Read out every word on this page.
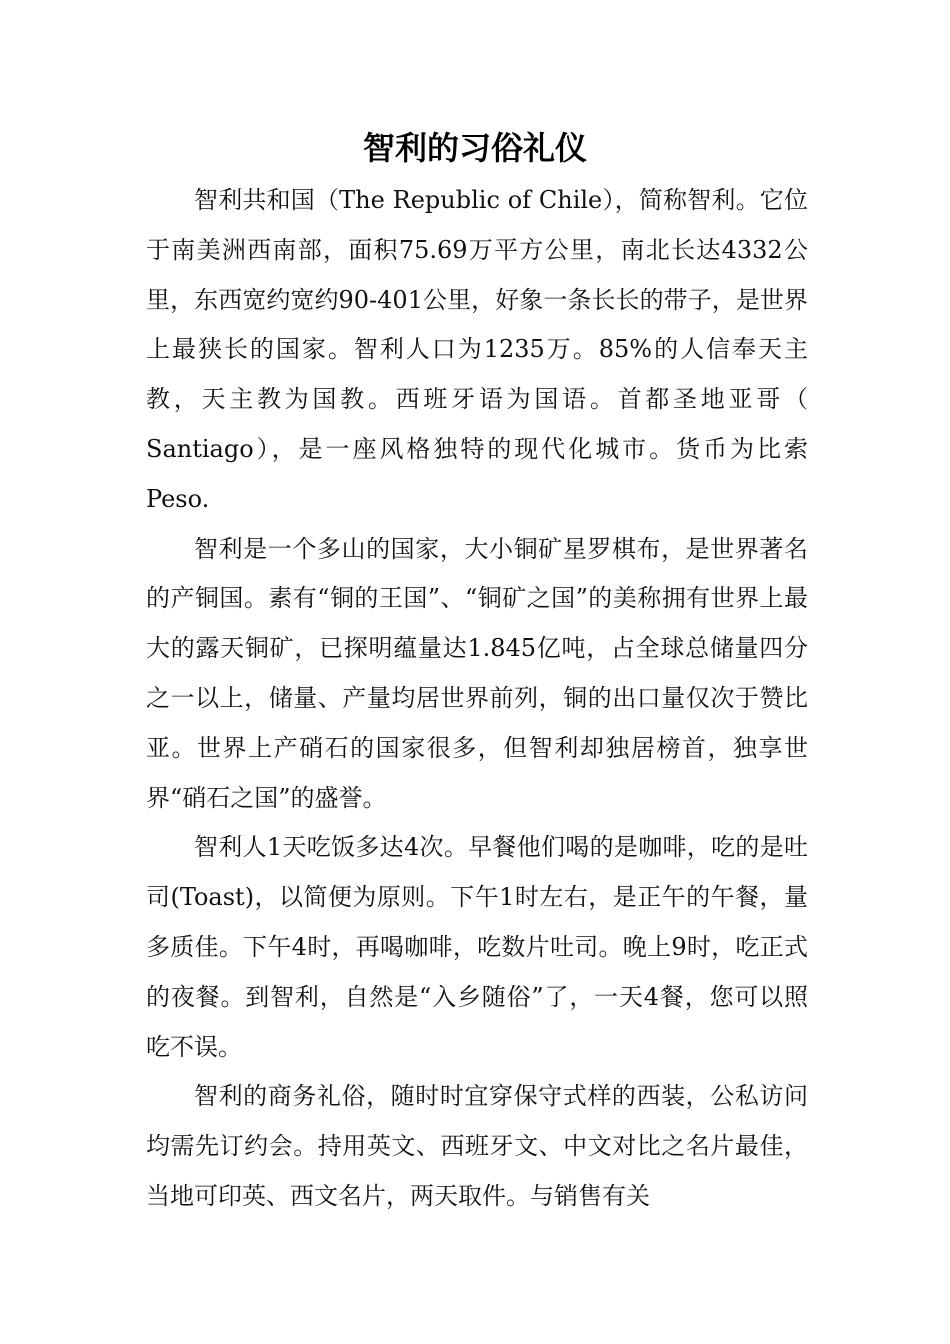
智利的习俗礼仪

智利共和国（The Republic of Chile），简称智利。它位于南美洲西南部，面积75.69万平方公里，南北长达4332公里，东西宽约宽约90-401公里，好象一条长长的带子，是世界上最狭长的国家。智利人口为1235万。85%的人信奉天主教，天主教为国教。西班牙语为国语。首都圣地亚哥（ Santiago），是一座风格独特的现代化城市。货币为比索Peso.

智利是一个多山的国家，大小铜矿星罗棋布，是世界著名的产铜国。素有“铜的王国”、“铜矿之国”的美称拥有世界上最大的露天铜矿，已探明蕴量达1.845亿吨，占全球总储量四分之一以上，储量、产量均居世界前列，铜的出口量仅次于赞比亚。世界上产硝石的国家很多，但智利却独居榜首，独享世界“硝石之国”的盛誉。

智利人1天吃饭多达4次。早餐他们喝的是咖啡，吃的是吐司(Toast)，以简便为原则。下午1时左右，是正午的午餐，量多质佳。下午4时，再喝咖啡，吃数片吐司。晚上9时，吃正式的夜餐。到智利，自然是“入乡随俗”了，一天4餐，您可以照吃不误。

智利的商务礼俗，随时时宜穿保守式样的西装，公私访问均需先订约会。持用英文、西班牙文、中文对比之名片最佳，当地可印英、西文名片，两天取件。与销售有关
